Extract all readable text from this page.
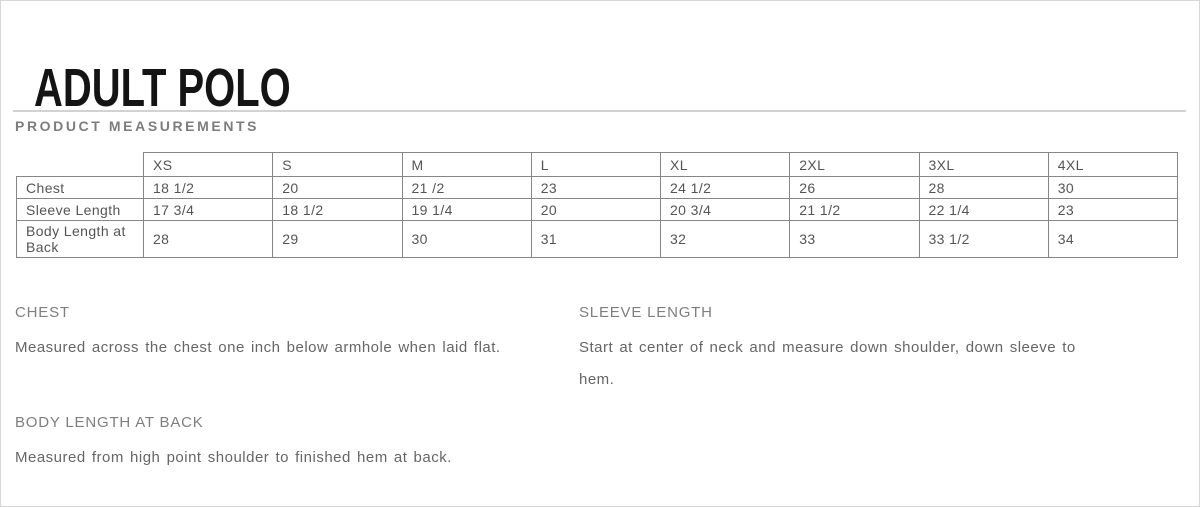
ADULT POLO
PRODUCT MEASUREMENTS
	XS	S	M	L	XL	2XL	3XL	4XL
Chest	18 1/2	20	21 /2	23	24 1/2	26	28	30
Sleeve Length	17 3/4	18 1/2	19 1/4	20	20 3/4	21 1/2	22 1/4	23
Body Length at Back	28	29	30	31	32	33	33 1/2	34
CHEST

Measured across the chest one inch below armhole when laid flat.

SLEEVE LENGTH

Start at center of neck and measure down shoulder, down sleeve to hem.

BODY LENGTH AT BACK

Measured from high point shoulder to finished hem at back.
